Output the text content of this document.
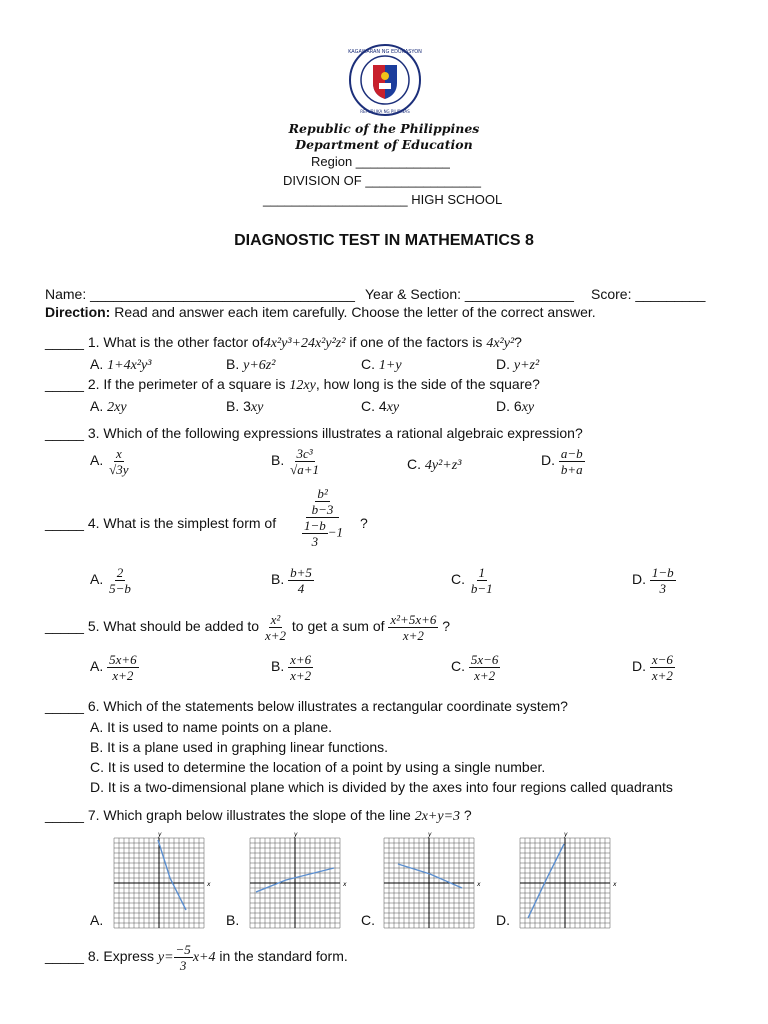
KAGAWARAN NG EDUKASYON
REPUBLIKA NG PILIPINAS
Republic of the Philippines
Department of Education
Region _____________
DIVISION OF ________________
____________________ HIGH SCHOOL
DIAGNOSTIC TEST IN MATHEMATICS 8
Name: __________________________________ Year & Section: ______________ Score: _________
Direction: Read and answer each item carefully. Choose the letter of the correct answer.
_____ 1. What is the other factor of4x²y³+24x²y²z² if one of the factors is 4x²y²?
A. 1+4x²y³	B. y+6z²	C. 1+y	D. y+z²
_____ 2. If the perimeter of a square is 12xy, how long is the side of the square?
A. 2xy	B. 3xy	C. 4xy	D. 6xy
_____ 3. Which of the following expressions illustrates a rational algebraic expression?
A. $\frac{x}{√3y}$	B. $\frac{\text{3c³}}{√a+1}$	C. 4y²+z³	D. $\frac{a-b}{b+a}$
_____ 4. What is the simplest form of $\frac{\frac{\text{b²}}{b-3}}{\frac{1-b}{3} -1}$ ?
A. $\frac{2}{5-b}$	B. $\frac{b+5}{4}$	C. $\frac{1}{b-1}$	D. $\frac{1-b}{3}$
_____ 5. What should be added to $\frac{\text{x²}}{x+2}$ to get a sum of $\frac{\text{x²+5x+6}}{x+2}$ ?
A. $\frac{5x+6}{x+2}$	B. $\frac{x+6}{x+2}$	C. $\frac{5x-6}{x+2}$	D. $\frac{x-6}{x+2}$
_____ 6. Which of the statements below illustrates a rectangular coordinate system?
A. It is used to name points on a plane.
B. It is a plane used in graphing linear functions.
C. It is used to determine the location of a point by using a single number.
D. It is a two-dimensional plane which is divided by the axes into four regions called quadrants
_____ 7. Which graph below illustrates the slope of the line 2x+y=3 ?
A.	B.	C.	D.
x
y
x
y
x
y
x
y
_____ 8. Express $y= \frac{-5}{3} x+4$ in the standard form.
